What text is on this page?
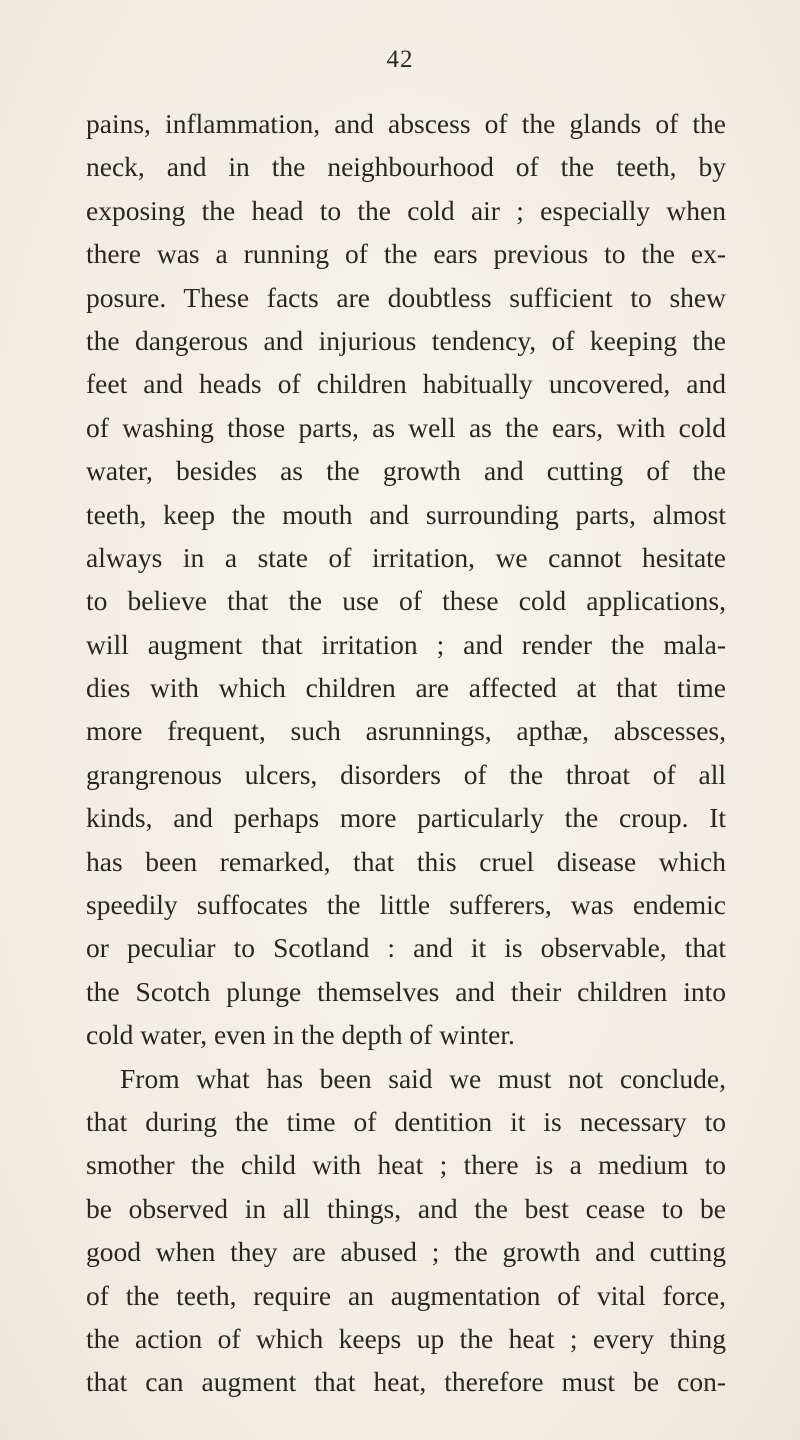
42
pains, inflammation, and abscess of the glands of the
neck, and in the neighbourhood of the teeth, by
exposing the head to the cold air ; especially when
there was a running of the ears previous to the ex-
posure. These facts are doubtless sufficient to shew
the dangerous and injurious tendency, of keeping the
feet and heads of children habitually uncovered, and
of washing those parts, as well as the ears, with cold
water, besides as the growth and cutting of the
teeth, keep the mouth and surrounding parts, almost
always in a state of irritation, we cannot hesitate
to believe that the use of these cold applications,
will augment that irritation ; and render the mala-
dies with which children are affected at that time
more frequent, such asrunnings, apthæ, abscesses,
grangrenous ulcers, disorders of the throat of all
kinds, and perhaps more particularly the croup. It
has been remarked, that this cruel disease which
speedily suffocates the little sufferers, was endemic
or peculiar to Scotland : and it is observable, that
the Scotch plunge themselves and their children into
cold water, even in the depth of winter.
From what has been said we must not conclude,
that during the time of dentition it is necessary to
smother the child with heat ; there is a medium to
be observed in all things, and the best cease to be
good when they are abused ; the growth and cutting
of the teeth, require an augmentation of vital force,
the action of which keeps up the heat ; every thing
that can augment that heat, therefore must be con-
